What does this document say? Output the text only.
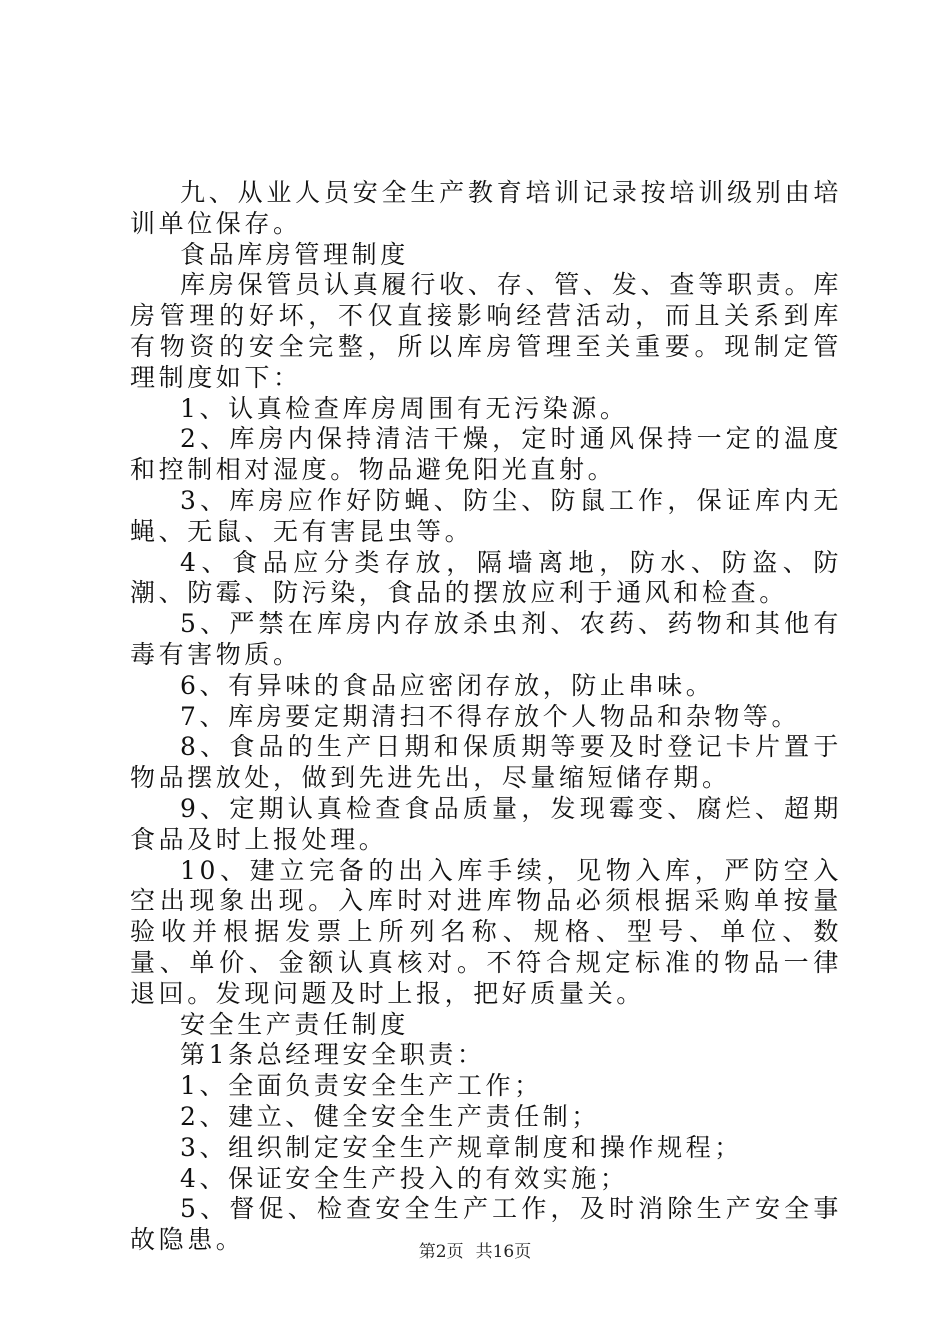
九、从业人员安全生产教育培训记录按培训级别由培训单位保存。

食品库房管理制度

库房保管员认真履行收、存、管、发、查等职责。库房管理的好坏，不仅直接影响经营活动，而且关系到库有物资的安全完整，所以库房管理至关重要。现制定管理制度如下：

1、认真检查库房周围有无污染源。

2、库房内保持清洁干燥，定时通风保持一定的温度和控制相对湿度。物品避免阳光直射。

3、库房应作好防蝇、防尘、防鼠工作，保证库内无蝇、无鼠、无有害昆虫等。

4、食品应分类存放，隔墙离地，防水、防盗、防潮、防霉、防污染，食品的摆放应利于通风和检查。

5、严禁在库房内存放杀虫剂、农药、药物和其他有毒有害物质。

6、有异味的食品应密闭存放，防止串味。

7、库房要定期清扫不得存放个人物品和杂物等。

8、食品的生产日期和保质期等要及时登记卡片置于物品摆放处，做到先进先出，尽量缩短储存期。

9、定期认真检查食品质量，发现霉变、腐烂、超期食品及时上报处理。

10、建立完备的出入库手续，见物入库，严防空入空出现象出现。入库时对进库物品必须根据采购单按量验收并根据发票上所列名称、规格、型号、单位、数量、单价、金额认真核对。不符合规定标准的物品一律退回。发现问题及时上报，把好质量关。

安全生产责任制度

第1条总经理安全职责：

1、全面负责安全生产工作；

2、建立、健全安全生产责任制；

3、组织制定安全生产规章制度和操作规程；

4、保证安全生产投入的有效实施；

5、督促、检查安全生产工作，及时消除生产安全事故隐患。	第2页 共16页
